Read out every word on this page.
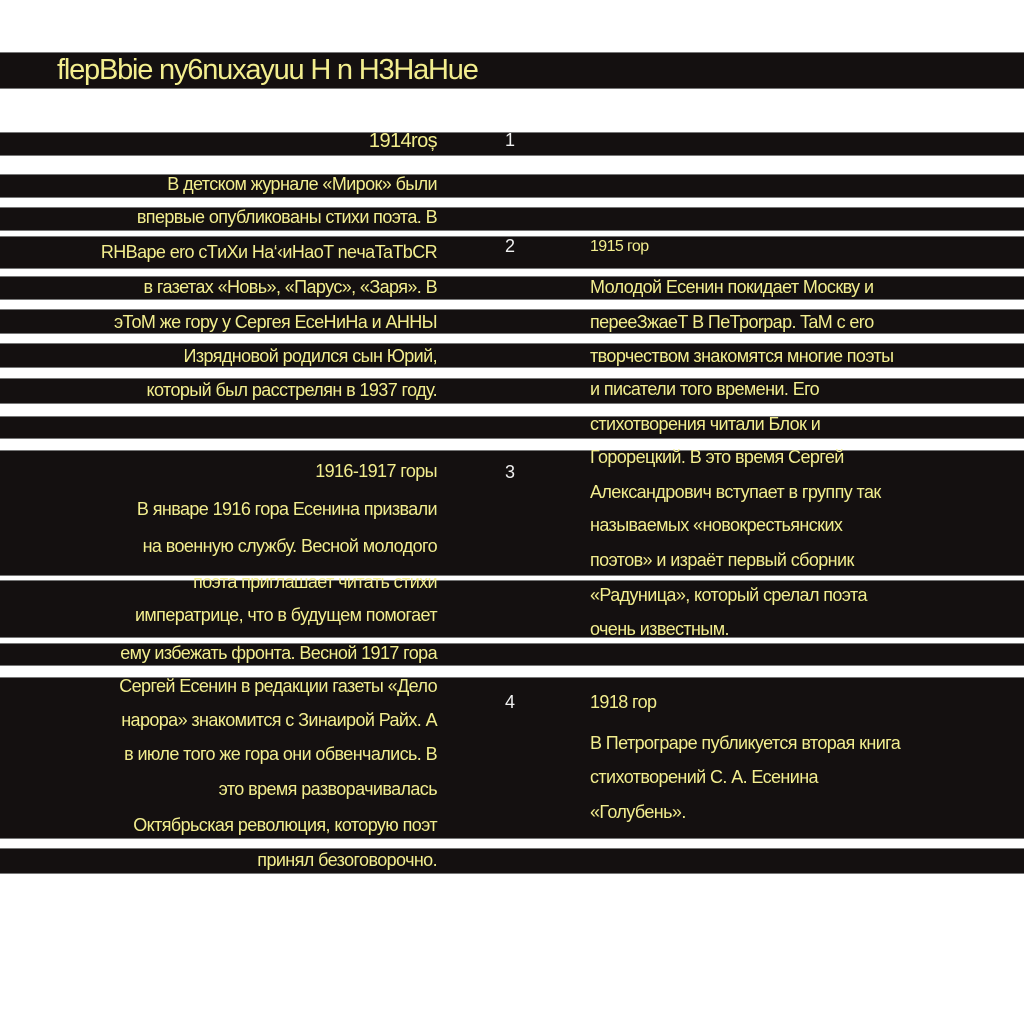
flepBbie ny6nuxayuu H n H3HaHue
1914roș
В детском журнале «Мирок» были
впервые опубликованы стихи поэта. В
RHBape ero cTиXи Ha‘‹иHaoT neчaTaTbCR
в газетах «Новь», «Парус», «Заря». В
эТоМ же гору у Сергея ЕсеНиНа и АННЫ
Изрядновой родился сын Юрий,
который был расстрелян в 1937 году.
1916-1917 горы
В январе 1916 гора Есенина призвали
на военную службу. Весной молодого
поэта приглашает читать стихи
императрице, что в будущем помогает
ему избежать фронта. Весной 1917 гора
Сергей Есенин в редакции газеты «Дело
нарора» знакомится с Зинаирой Райх. А
в июле того же гора они обвенчались. В
это время разворачивалась
Октябрьская революция, которую поэт
принял безоговорочно.
1915 гор
Молодой Есенин покидает Москву и
переeЗжаeТ В ПеТрorpap. TaM с ero
творчеством знакомятся многие поэты
и писатели того времени. Его
стихотворения читали Блок и
Горорецкий. В это время Сергей
Александрович вступает в группу так
называемых «новокрестьянских
поэтов» и израёт первый сборник
«Радуница», который срелал поэта
очень известным.
1918 гор
В Петрограре публикуется вторая книга
стихотворений С. А. Есенина
«Голубень».
1
2
3
4
